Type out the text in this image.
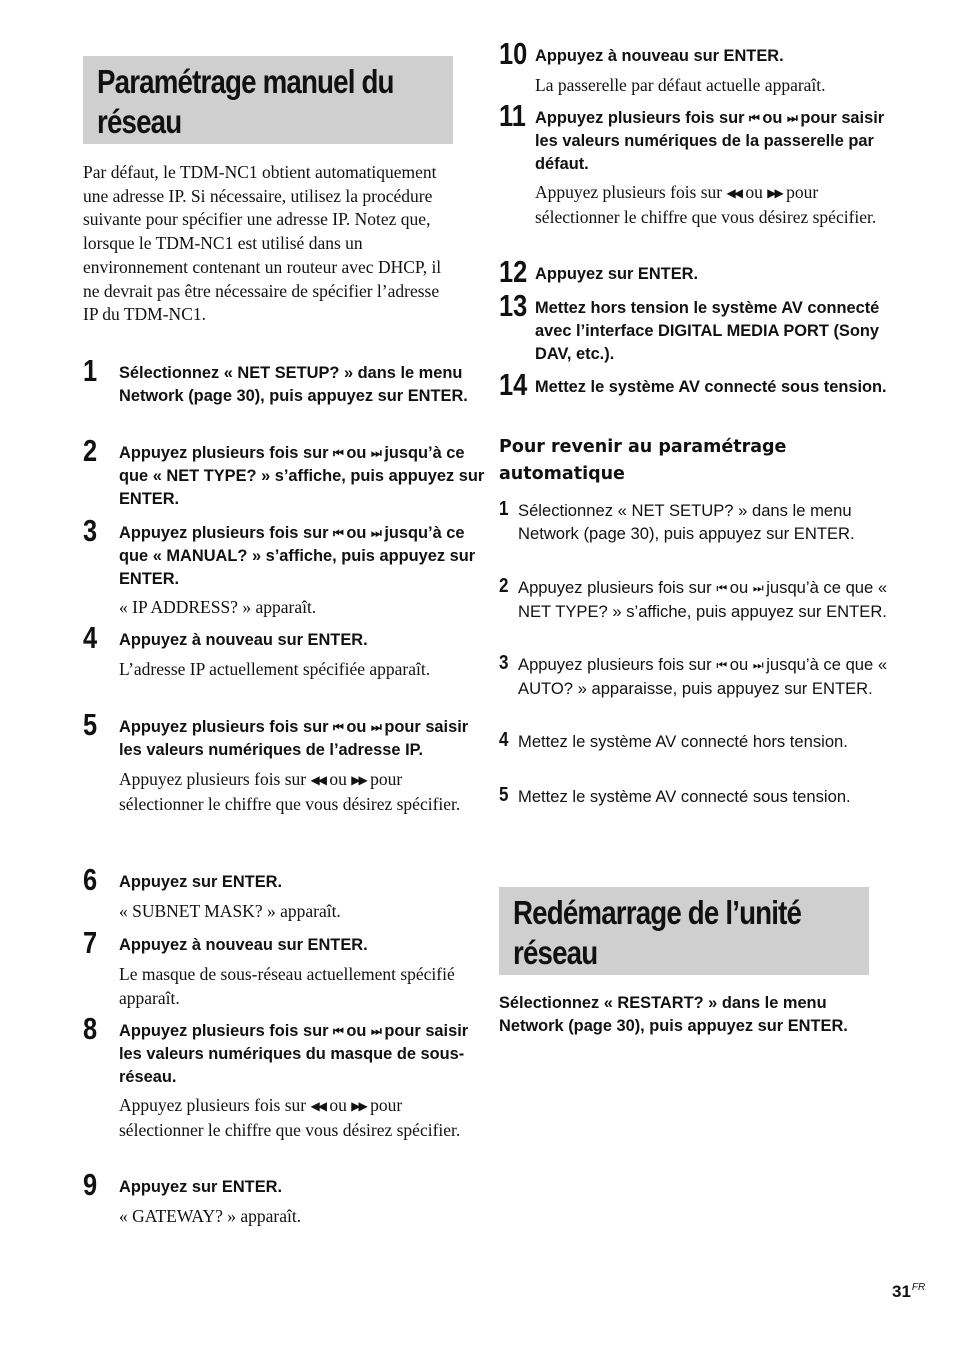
Paramétrage manuel du réseau

Par défaut, le TDM-NC1 obtient automatiquement une adresse IP. Si nécessaire, utilisez la procédure suivante pour spécifier une adresse IP. Notez que, lorsque le TDM-NC1 est utilisé dans un environnement contenant un routeur avec DHCP, il ne devrait pas être nécessaire de spécifier l’adresse IP du TDM-NC1.

1 Sélectionnez « NET SETUP? » dans le menu Network (page 30), puis appuyez sur ENTER.

2 Appuyez plusieurs fois sur ⏮ ou ⏭ jusqu’à ce que « NET TYPE? » s’affiche, puis appuyez sur ENTER.

3 Appuyez plusieurs fois sur ⏮ ou ⏭ jusqu’à ce que « MANUAL? » s’affiche, puis appuyez sur ENTER.

« IP ADDRESS? » apparaît.

4 Appuyez à nouveau sur ENTER.

L’adresse IP actuellement spécifiée apparaît.

5 Appuyez plusieurs fois sur ⏮ ou ⏭ pour saisir les valeurs numériques de l’adresse IP.

Appuyez plusieurs fois sur ◀◀ ou ▶▶ pour sélectionner le chiffre que vous désirez spécifier.

6 Appuyez sur ENTER.

« SUBNET MASK? » apparaît.

7 Appuyez à nouveau sur ENTER.

Le masque de sous-réseau actuellement spécifié apparaît.

8 Appuyez plusieurs fois sur ⏮ ou ⏭ pour saisir les valeurs numériques du masque de sous-réseau.

Appuyez plusieurs fois sur ◀◀ ou ▶▶ pour sélectionner le chiffre que vous désirez spécifier.

9 Appuyez sur ENTER.

« GATEWAY? » apparaît.

10 Appuyez à nouveau sur ENTER.

La passerelle par défaut actuelle apparaît.

11 Appuyez plusieurs fois sur ⏮ ou ⏭ pour saisir les valeurs numériques de la passerelle par défaut.

Appuyez plusieurs fois sur ◀◀ ou ▶▶ pour sélectionner le chiffre que vous désirez spécifier.

12 Appuyez sur ENTER.

13 Mettez hors tension le système AV connecté avec l’interface DIGITAL MEDIA PORT (Sony DAV, etc.).

14 Mettez le système AV connecté sous tension.

Pour revenir au paramétrage automatique

1 Sélectionnez « NET SETUP? » dans le menu Network (page 30), puis appuyez sur ENTER.

2 Appuyez plusieurs fois sur ⏮ ou ⏭ jusqu’à ce que « NET TYPE? » s’affiche, puis appuyez sur ENTER.

3 Appuyez plusieurs fois sur ⏮ ou ⏭ jusqu’à ce que « AUTO? » apparaisse, puis appuyez sur ENTER.

4 Mettez le système AV connecté hors tension.

5 Mettez le système AV connecté sous tension.

Redémarrage de l’unité réseau

Sélectionnez « RESTART? » dans le menu Network (page 30), puis appuyez sur ENTER.

$31^{FR}$
